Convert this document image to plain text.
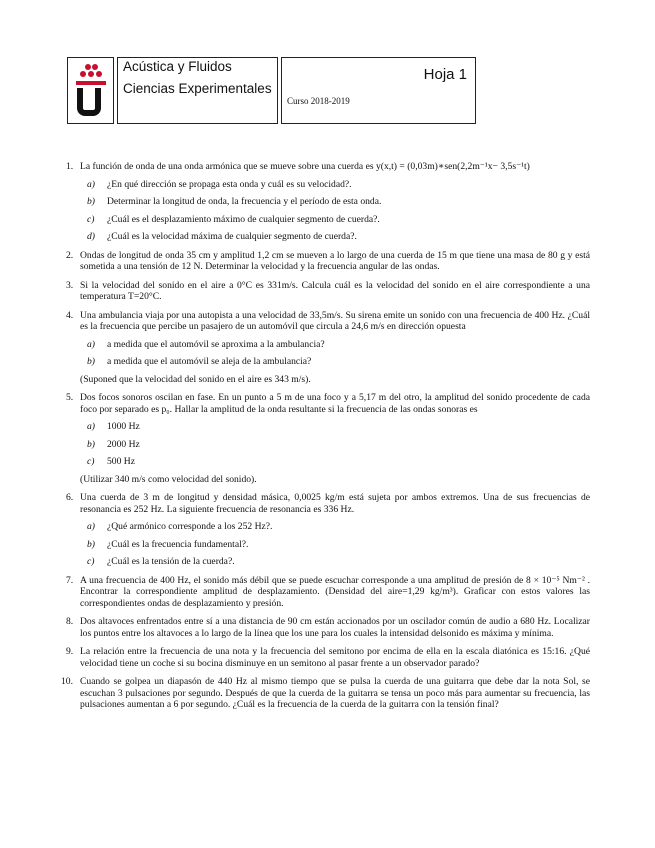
Acústica y Fluidos
Ciencias Experimentales
Hoja 1
Curso 2018-2019
1. La función de onda de una onda armónica que se mueve sobre una cuerda es y(x,t) = (0,03m)∗sen(2,2m⁻¹x− 3,5s⁻¹t)
a) ¿En qué dirección se propaga esta onda y cuál es su velocidad?.
b) Determinar la longitud de onda, la frecuencia y el período de esta onda.
c) ¿Cuál es el desplazamiento máximo de cualquier segmento de cuerda?.
d) ¿Cuál es la velocidad máxima de cualquier segmento de cuerda?.
2. Ondas de longitud de onda 35 cm y amplitud 1,2 cm se mueven a lo largo de una cuerda de 15 m que tiene una masa de 80 g y está sometida a una tensión de 12 N. Determinar la velocidad y la frecuencia angular de las ondas.
3. Si la velocidad del sonido en el aire a 0°C es 331m/s. Calcula cuál es la velocidad del sonido en el aire correspondiente a una temperatura T=20°C.
4. Una ambulancia viaja por una autopista a una velocidad de 33,5m/s. Su sirena emite un sonido con una frecuencia de 400 Hz. ¿Cuál es la frecuencia que percibe un pasajero de un automóvil que circula a 24,6 m/s en dirección opuesta
a) a medida que el automóvil se aproxima a la ambulancia?
b) a medida que el automóvil se aleja de la ambulancia?
(Suponed que la velocidad del sonido en el aire es 343 m/s).
5. Dos focos sonoros oscilan en fase. En un punto a 5 m de una foco y a 5,17 m del otro, la amplitud del sonido procedente de cada foco por separado es p₀. Hallar la amplitud de la onda resultante si la frecuencia de las ondas sonoras es
a) 1000 Hz
b) 2000 Hz
c) 500 Hz
(Utilizar 340 m/s como velocidad del sonido).
6. Una cuerda de 3 m de longitud y densidad másica, 0,0025 kg/m está sujeta por ambos extremos. Una de sus frecuencias de resonancia es 252 Hz. La siguiente frecuencia de resonancia es 336 Hz.
a) ¿Qué armónico corresponde a los 252 Hz?.
b) ¿Cuál es la frecuencia fundamental?.
c) ¿Cuál es la tensión de la cuerda?.
7. A una frecuencia de 400 Hz, el sonido más débil que se puede escuchar corresponde a una amplitud de presión de 8 × 10⁻⁵ Nm⁻² . Encontrar la correspondiente amplitud de desplazamiento. (Densidad del aire=1,29 kg/m³). Graficar con estos valores las correspondientes ondas de desplazamiento y presión.
8. Dos altavoces enfrentados entre sí a una distancia de 90 cm están accionados por un oscilador común de audio a 680 Hz. Localizar los puntos entre los altavoces a lo largo de la línea que los une para los cuales la intensidad delsonido es máxima y mínima.
9. La relación entre la frecuencia de una nota y la frecuencia del semitono por encima de ella en la escala diatónica es 15:16. ¿Qué velocidad tiene un coche si su bocina disminuye en un semitono al pasar frente a un observador parado?
10. Cuando se golpea un diapasón de 440 Hz al mismo tiempo que se pulsa la cuerda de una guitarra que debe dar la nota Sol, se escuchan 3 pulsaciones por segundo. Después de que la cuerda de la guitarra se tensa un poco más para aumentar su frecuencia, las pulsaciones aumentan a 6 por segundo. ¿Cuál es la frecuencia de la cuerda de la guitarra con la tensión final?
